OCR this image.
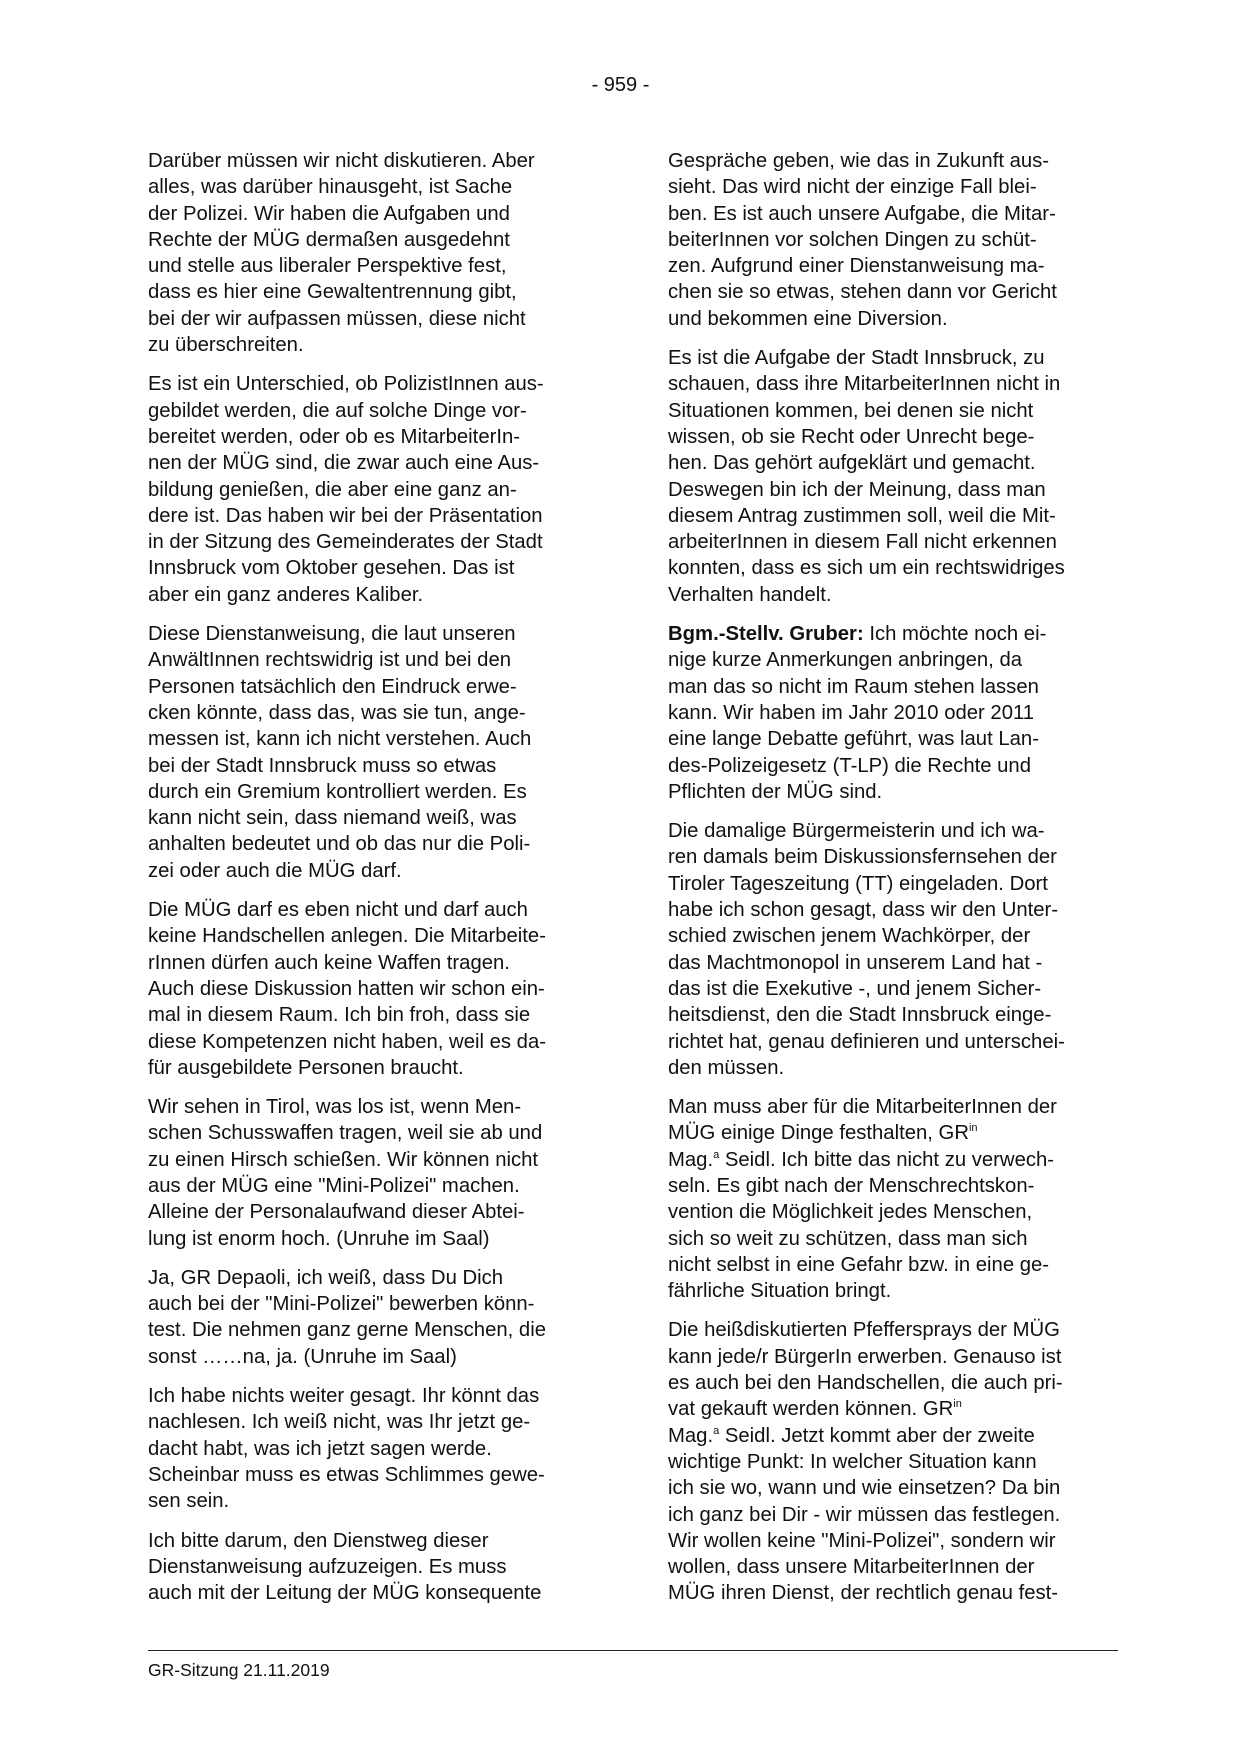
- 959 -

Darüber müssen wir nicht diskutieren. Aber
alles, was darüber hinausgeht, ist Sache
der Polizei. Wir haben die Aufgaben und
Rechte der MÜG dermaßen ausgedehnt
und stelle aus liberaler Perspektive fest,
dass es hier eine Gewaltentrennung gibt,
bei der wir aufpassen müssen, diese nicht
zu überschreiten.

Es ist ein Unterschied, ob PolizistInnen aus-
gebildet werden, die auf solche Dinge vor-
bereitet werden, oder ob es MitarbeiterIn-
nen der MÜG sind, die zwar auch eine Aus-
bildung genießen, die aber eine ganz an-
dere ist. Das haben wir bei der Präsentation
in der Sitzung des Gemeinderates der Stadt
Innsbruck vom Oktober gesehen. Das ist
aber ein ganz anderes Kaliber.

Diese Dienstanweisung, die laut unseren
AnwältInnen rechtswidrig ist und bei den
Personen tatsächlich den Eindruck erwe-
cken könnte, dass das, was sie tun, ange-
messen ist, kann ich nicht verstehen. Auch
bei der Stadt Innsbruck muss so etwas
durch ein Gremium kontrolliert werden. Es
kann nicht sein, dass niemand weiß, was
anhalten bedeutet und ob das nur die Poli-
zei oder auch die MÜG darf.

Die MÜG darf es eben nicht und darf auch
keine Handschellen anlegen. Die Mitarbeite-
rInnen dürfen auch keine Waffen tragen.
Auch diese Diskussion hatten wir schon ein-
mal in diesem Raum. Ich bin froh, dass sie
diese Kompetenzen nicht haben, weil es da-
für ausgebildete Personen braucht.

Wir sehen in Tirol, was los ist, wenn Men-
schen Schusswaffen tragen, weil sie ab und
zu einen Hirsch schießen. Wir können nicht
aus der MÜG eine "Mini-Polizei" machen.
Alleine der Personalaufwand dieser Abtei-
lung ist enorm hoch. (Unruhe im Saal)

Ja, GR Depaoli, ich weiß, dass Du Dich
auch bei der "Mini-Polizei" bewerben könn-
test. Die nehmen ganz gerne Menschen, die
sonst ……na, ja. (Unruhe im Saal)

Ich habe nichts weiter gesagt. Ihr könnt das
nachlesen. Ich weiß nicht, was Ihr jetzt ge-
dacht habt, was ich jetzt sagen werde.
Scheinbar muss es etwas Schlimmes gewe-
sen sein.

Ich bitte darum, den Dienstweg dieser
Dienstanweisung aufzuzeigen. Es muss
auch mit der Leitung der MÜG konsequente

Gespräche geben, wie das in Zukunft aus-
sieht. Das wird nicht der einzige Fall blei-
ben. Es ist auch unsere Aufgabe, die Mitar-
beiterInnen vor solchen Dingen zu schüt-
zen. Aufgrund einer Dienstanweisung ma-
chen sie so etwas, stehen dann vor Gericht
und bekommen eine Diversion.

Es ist die Aufgabe der Stadt Innsbruck, zu
schauen, dass ihre MitarbeiterInnen nicht in
Situationen kommen, bei denen sie nicht
wissen, ob sie Recht oder Unrecht bege-
hen. Das gehört aufgeklärt und gemacht.
Deswegen bin ich der Meinung, dass man
diesem Antrag zustimmen soll, weil die Mit-
arbeiterInnen in diesem Fall nicht erkennen
konnten, dass es sich um ein rechtswidriges
Verhalten handelt.

Bgm.-Stellv. Gruber: Ich möchte noch ei-
nige kurze Anmerkungen anbringen, da
man das so nicht im Raum stehen lassen
kann. Wir haben im Jahr 2010 oder 2011
eine lange Debatte geführt, was laut Lan-
des-Polizeigesetz (T-LP) die Rechte und
Pflichten der MÜG sind.

Die damalige Bürgermeisterin und ich wa-
ren damals beim Diskussionsfernsehen der
Tiroler Tageszeitung (TT) eingeladen. Dort
habe ich schon gesagt, dass wir den Unter-
schied zwischen jenem Wachkörper, der
das Machtmonopol in unserem Land hat -
das ist die Exekutive -, und jenem Sicher-
heitsdienst, den die Stadt Innsbruck einge-
richtet hat, genau definieren und unterschei-
den müssen.

Man muss aber für die MitarbeiterInnen der
MÜG einige Dinge festhalten, $GR^{in}$
Mag.$^a$ Seidl. Ich bitte das nicht zu verwech-
seln. Es gibt nach der Menschrechtskon-
vention die Möglichkeit jedes Menschen,
sich so weit zu schützen, dass man sich
nicht selbst in eine Gefahr bzw. in eine ge-
fährliche Situation bringt.

Die heißdiskutierten Pfeffersprays der MÜG
kann jede/r BürgerIn erwerben. Genauso ist
es auch bei den Handschellen, die auch pri-
vat gekauft werden können. $GR^{in}$
Mag.$^a$ Seidl. Jetzt kommt aber der zweite
wichtige Punkt: In welcher Situation kann
ich sie wo, wann und wie einsetzen? Da bin
ich ganz bei Dir - wir müssen das festlegen.
Wir wollen keine "Mini-Polizei", sondern wir
wollen, dass unsere MitarbeiterInnen der
MÜG ihren Dienst, der rechtlich genau fest-

GR-Sitzung 21.11.2019
